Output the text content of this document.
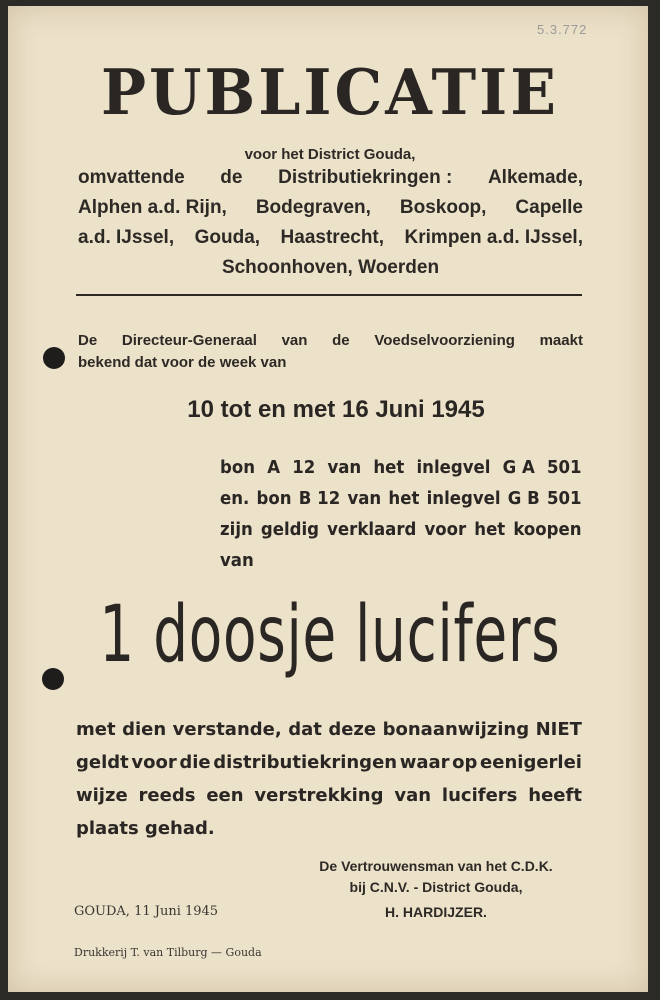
5.3.772
PUBLICATIE
voor het District Gouda,
omvattende de Distributiekringen : Alkemade,
Alphen a.d. Rijn, Bodegraven, Boskoop, Capelle
a.d. IJssel, Gouda, Haastrecht, Krimpen a.d. IJssel,
Schoonhoven, Woerden
De Directeur-Generaal van de Voedselvoorziening maakt
bekend dat voor de week van
10 tot en met 16 Juni 1945
bon A 12 van het inlegvel G A 501
en. bon B 12 van het inlegvel G B 501
zijn geldig verklaard voor het koopen
van
1 doosje lucifers
met dien verstande, dat deze bonaanwijzing NIET
geldt voor die distributiekringen waar op eenigerlei
wijze reeds een verstrekking van lucifers heeft
plaats gehad.
De Vertrouwensman van het C.D.K.
bij C.N.V. - District Gouda,
H. HARDIJZER.
GOUDA, 11 Juni 1945
Drukkerij T. van Tilburg — Gouda
